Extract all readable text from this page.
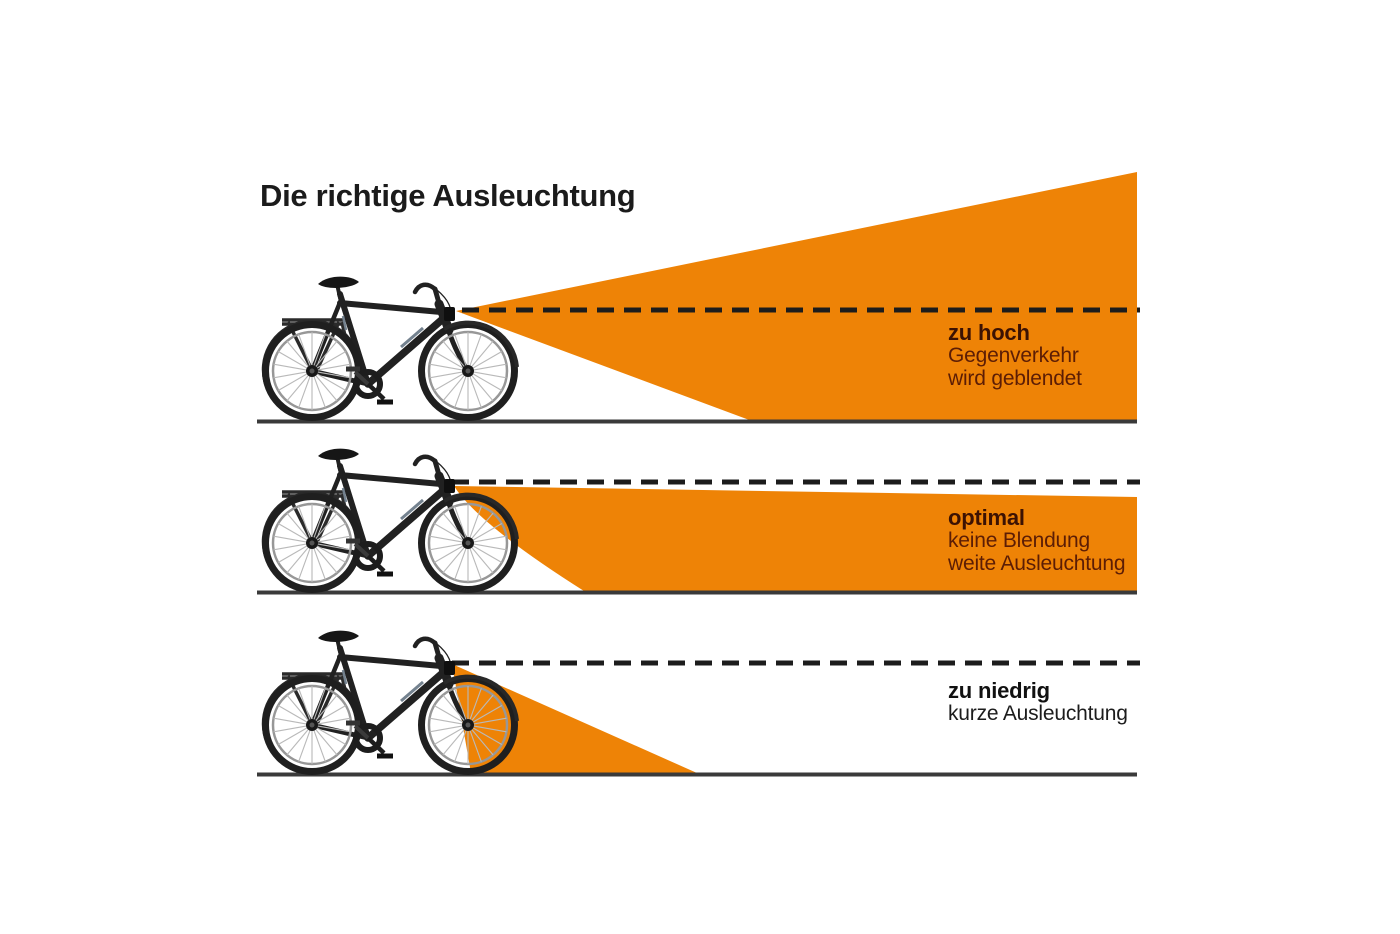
Die richtige Ausleuchtung
zu hoch
Gegenverkehr
wird geblendet
optimal
keine Blendung
weite Ausleuchtung
zu niedrig
kurze Ausleuchtung
